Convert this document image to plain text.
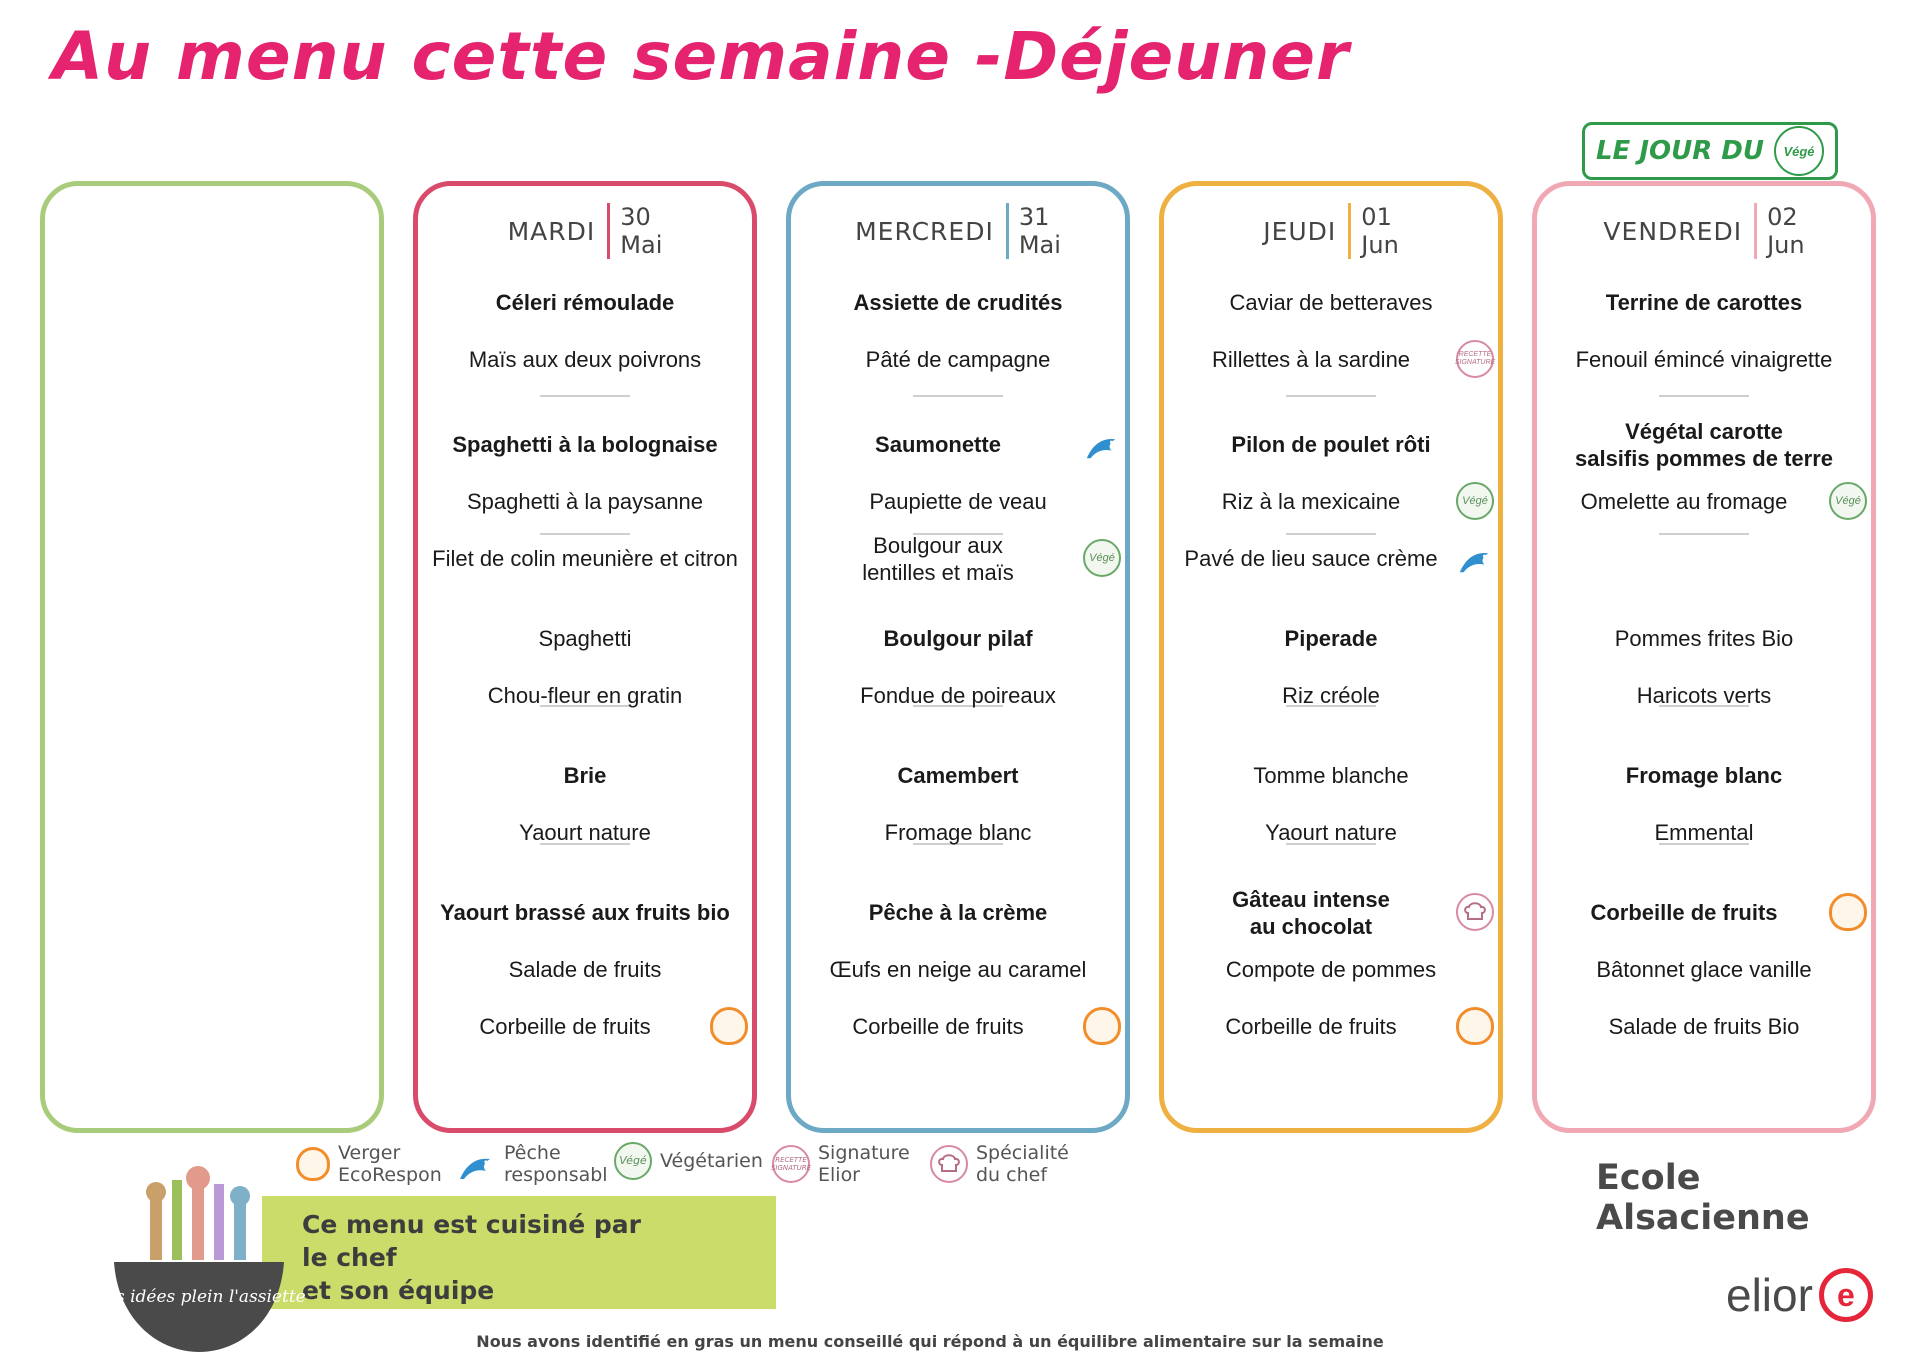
Au menu cette semaine -Déjeuner
LE JOUR DU	Végé
MARDI	30
Mai
Céleri rémoulade
Maïs aux deux poivrons
Spaghetti à la bolognaise
Spaghetti à la paysanne
Filet de colin meunière et citron
Spaghetti
Chou-fleur en gratin
Brie
Yaourt nature
Yaourt brassé aux fruits bio
Salade de fruits
Corbeille de fruits
MERCREDI	31
Mai
Assiette de crudités
Pâté de campagne
Saumonette
Paupiette de veau
Boulgour aux
lentilles et maïs
Végé
Boulgour pilaf
Fondue de poireaux
Camembert
Fromage blanc
Pêche à la crème
Œufs en neige au caramel
Corbeille de fruits
JEUDI	01
Jun
Caviar de betteraves
Rillettes à la sardine	RECETTE SIGNATURE
Pilon de poulet rôti
Riz à la mexicaine	Végé
Pavé de lieu sauce crème
Piperade
Riz créole
Tomme blanche
Yaourt nature
Gâteau intense
au chocolat
Compote de pommes
Corbeille de fruits
VENDREDI	02
Jun
Terrine de carottes
Fenouil émincé vinaigrette
Végétal carotte
salsifis pommes de terre
Omelette au fromage	Végé
Pommes frites Bio
Haricots verts
Fromage blanc
Emmental
Corbeille de fruits
Bâtonnet glace vanille
Salade de fruits Bio
Verger
EcoRespon
Pêche
responsabl
Végé Végétarien	RECETTE SIGNATURE
Signature
Elior
Spécialité
du chef	Ecole Alsacienne

Ce menu est cuisiné par
le chef
et son équipe

Des idées plein l'assiette	elior e
Nous avons identifié en gras un menu conseillé qui répond à un équilibre alimentaire sur la semaine
